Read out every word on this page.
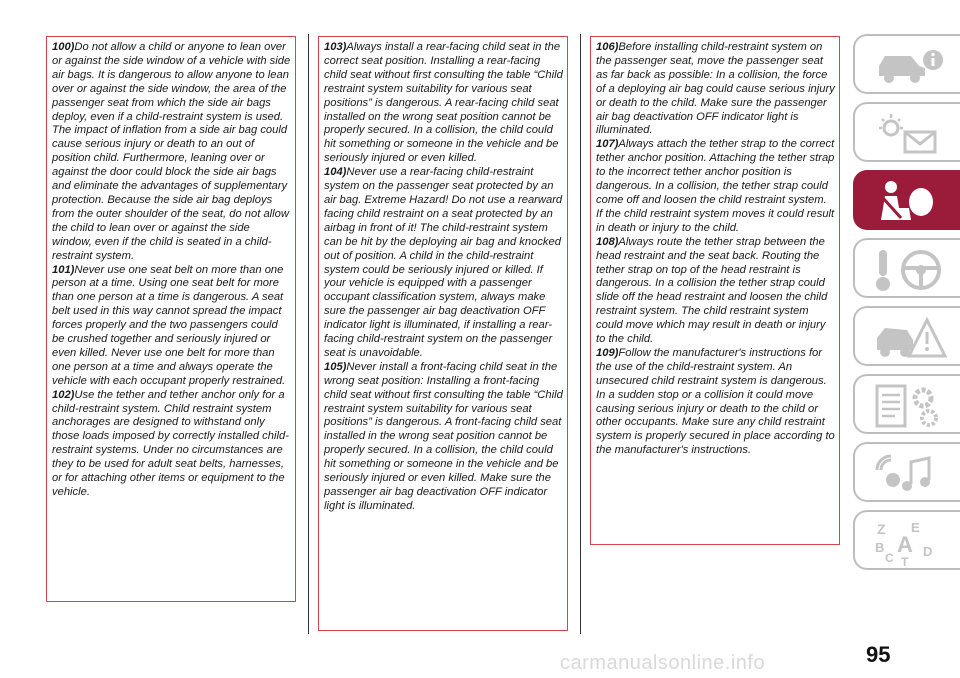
100)Do not allow a child or anyone to lean over or against the side window of a vehicle with side air bags. It is dangerous to allow anyone to lean over or against the side window, the area of the passenger seat from which the side air bags deploy, even if a child-restraint system is used. The impact of inflation from a side air bag could cause serious injury or death to an out of position child. Furthermore, leaning over or against the door could block the side air bags and eliminate the advantages of supplementary protection. Because the side air bag deploys from the outer shoulder of the seat, do not allow the child to lean over or against the side window, even if the child is seated in a child-restraint system.

101)Never use one seat belt on more than one person at a time. Using one seat belt for more than one person at a time is dangerous. A seat belt used in this way cannot spread the impact forces properly and the two passengers could be crushed together and seriously injured or even killed. Never use one belt for more than one person at a time and always operate the vehicle with each occupant properly restrained.

102)Use the tether and tether anchor only for a child-restraint system. Child restraint system anchorages are designed to withstand only those loads imposed by correctly installed child-restraint systems. Under no circumstances are they to be used for adult seat belts, harnesses, or for attaching other items or equipment to the vehicle.

103)Always install a rear-facing child seat in the correct seat position. Installing a rear-facing child seat without first consulting the table “Child restraint system suitability for various seat positions” is dangerous. A rear-facing child seat installed on the wrong seat position cannot be properly secured. In a collision, the child could hit something or someone in the vehicle and be seriously injured or even killed.

104)Never use a rear-facing child-restraint system on the passenger seat protected by an air bag. Extreme Hazard! Do not use a rearward facing child restraint on a seat protected by an airbag in front of it! The child-restraint system can be hit by the deploying air bag and knocked out of position. A child in the child-restraint system could be seriously injured or killed. If your vehicle is equipped with a passenger occupant classification system, always make sure the passenger air bag deactivation OFF indicator light is illuminated, if installing a rear-facing child-restraint system on the passenger seat is unavoidable.

105)Never install a front-facing child seat in the wrong seat position: Installing a front-facing child seat without first consulting the table “Child restraint system suitability for various seat positions” is dangerous. A front-facing child seat installed in the wrong seat position cannot be properly secured. In a collision, the child could hit something or someone in the vehicle and be seriously injured or even killed. Make sure the passenger air bag deactivation OFF indicator light is illuminated.

106)Before installing child-restraint system on the passenger seat, move the passenger seat as far back as possible: In a collision, the force of a deploying air bag could cause serious injury or death to the child. Make sure the passenger air bag deactivation OFF indicator light is illuminated.

107)Always attach the tether strap to the correct tether anchor position. Attaching the tether strap to the incorrect tether anchor position is dangerous. In a collision, the tether strap could come off and loosen the child restraint system. If the child restraint system moves it could result in death or injury to the child.

108)Always route the tether strap between the head restraint and the seat back. Routing the tether strap on top of the head restraint is dangerous. In a collision the tether strap could slide off the head restraint and loosen the child restraint system. The child restraint system could move which may result in death or injury to the child.

109)Follow the manufacturer's instructions for the use of the child-restraint system. An unsecured child restraint system is dangerous. In a sudden stop or a collision it could move causing serious injury or death to the child or other occupants. Make sure any child restraint system is properly secured in place according to the manufacturer's instructions.

Z E
B A D
C T
95
carmanualsonline.info
